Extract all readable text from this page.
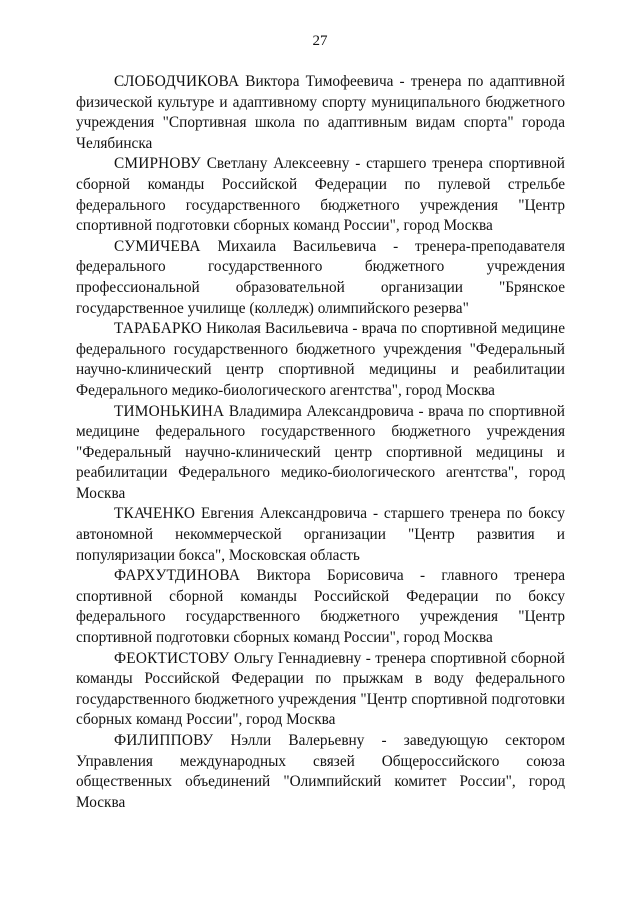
27

СЛОБОДЧИКОВА Виктора Тимофеевича - тренера по адаптивной физической культуре и адаптивному спорту муниципального бюджетного учреждения "Спортивная школа по адаптивным видам спорта" города Челябинска

СМИРНОВУ Светлану Алексеевну - старшего тренера спортивной сборной команды Российской Федерации по пулевой стрельбе федерального государственного бюджетного учреждения "Центр спортивной подготовки сборных команд России", город Москва

СУМИЧЕВА Михаила Васильевича - тренера-преподавателя федерального государственного бюджетного учреждения профессиональной образовательной организации "Брянское государственное училище (колледж) олимпийского резерва"

ТАРАБАРКО Николая Васильевича - врача по спортивной медицине федерального государственного бюджетного учреждения "Федеральный научно-клинический центр спортивной медицины и реабилитации Федерального медико-биологического агентства", город Москва

ТИМОНЬКИНА Владимира Александровича - врача по спортивной медицине федерального государственного бюджетного учреждения "Федеральный научно-клинический центр спортивной медицины и реабилитации Федерального медико-биологического агентства", город Москва

ТКАЧЕНКО Евгения Александровича - старшего тренера по боксу автономной некоммерческой организации "Центр развития и популяризации бокса", Московская область

ФАРХУТДИНОВА Виктора Борисовича - главного тренера спортивной сборной команды Российской Федерации по боксу федерального государственного бюджетного учреждения "Центр спортивной подготовки сборных команд России", город Москва

ФЕОКТИСТОВУ Ольгу Геннадиевну - тренера спортивной сборной команды Российской Федерации по прыжкам в воду федерального государственного бюджетного учреждения "Центр спортивной подготовки сборных команд России", город Москва

ФИЛИППОВУ Нэлли Валерьевну - заведующую сектором Управления международных связей Общероссийского союза общественных объединений "Олимпийский комитет России", город Москва
